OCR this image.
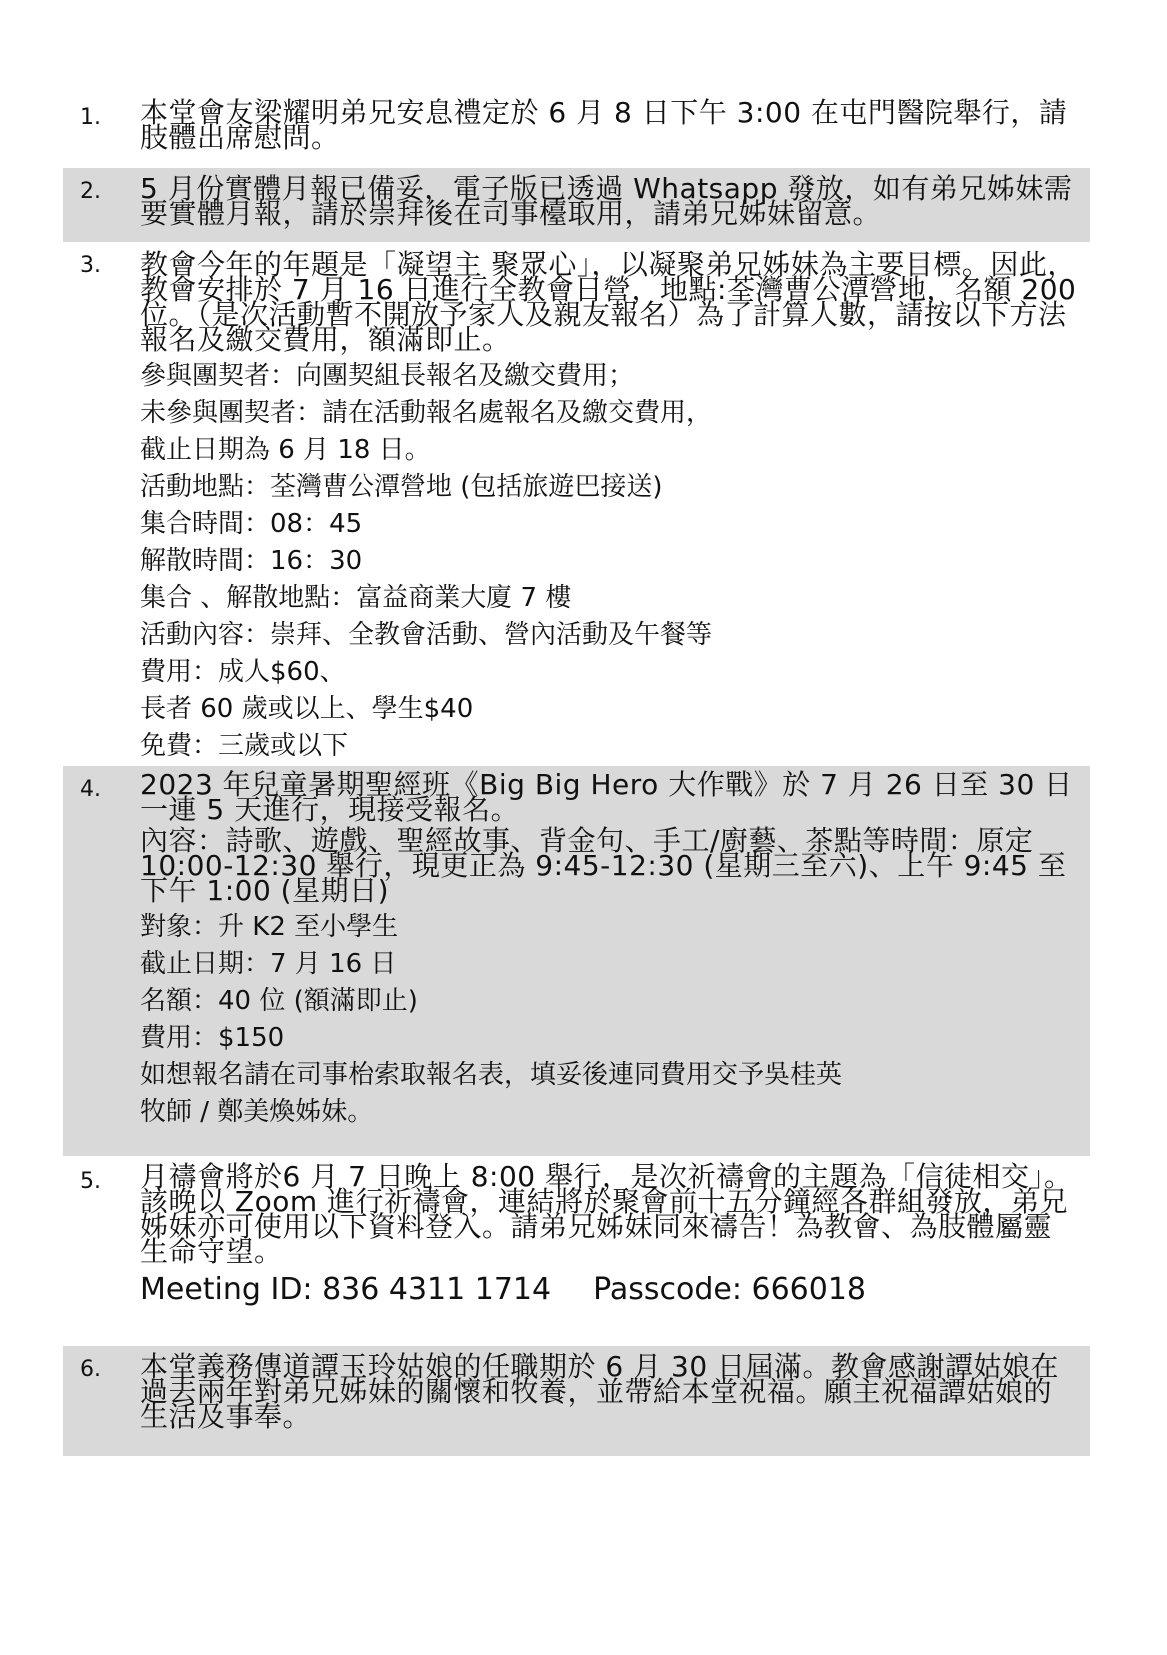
1. 本堂會友梁耀明弟兄安息禮定於 6 月 8 日下午 3:00 在屯門醫院舉行，請肢體出席慰問。

2. 5 月份實體月報已備妥，電子版已透過 Whatsapp 發放，如有弟兄姊妹需要實體月報，請於崇拜後在司事檯取用，請弟兄姊妹留意。

3. 教會今年的年題是「凝望主 聚眾心」，以凝聚弟兄姊妹為主要目標。因此，教會安排於 7 月 16 日進行全教會日營，地點:荃灣曹公潭營地，名額 200 位。（是次活動暫不開放予家人及親友報名）為了計算人數，請按以下方法報名及繳交費用，額滿即止。

參與團契者：向團契組長報名及繳交費用；

未參與團契者：請在活動報名處報名及繳交費用，

截止日期為 6 月 18 日。

活動地點：荃灣曹公潭營地 (包括旅遊巴接送)

集合時間：08：45

解散時間：16：30

集合 、解散地點：富益商業大廈 7 樓

活動內容：崇拜、全教會活動、營內活動及午餐等

費用：成人$60、

長者 60 歲或以上、學生$40

免費：三歲或以下

4. 2023 年兒童暑期聖經班《Big Big Hero 大作戰》於 7 月 26 日至 30 日一連 5 天進行，現接受報名。

內容：詩歌、遊戲、聖經故事、背金句、手工/廚藝、茶點等時間：原定 10:00-12:30 舉行，現更正為 9:45-12:30 (星期三至六)、上午 9:45 至下午 1:00 (星期日)

對象：升 K2 至小學生

截止日期：7 月 16 日

名額：40 位 (額滿即止)

費用：$150

如想報名請在司事枱索取報名表，填妥後連同費用交予吳桂英

牧師 / 鄭美煥姊妹。

5. 月禱會將於6 月 7 日晚上 8:00 舉行，是次祈禱會的主題為「信徒相交」。該晚以 Zoom 進行祈禱會，連結將於聚會前十五分鐘經各群組發放，弟兄姊妹亦可使用以下資料登入。請弟兄姊妹同來禱告！為教會、為肢體屬靈生命守望。

Meeting ID: 836 4311 1714 Passcode: 666018

6. 本堂義務傳道譚玉玲姑娘的任職期於 6 月 30 日屆滿。教會感謝譚姑娘在過去兩年對弟兄姊妹的關懷和牧養，並帶給本堂祝福。願主祝福譚姑娘的生活及事奉。
